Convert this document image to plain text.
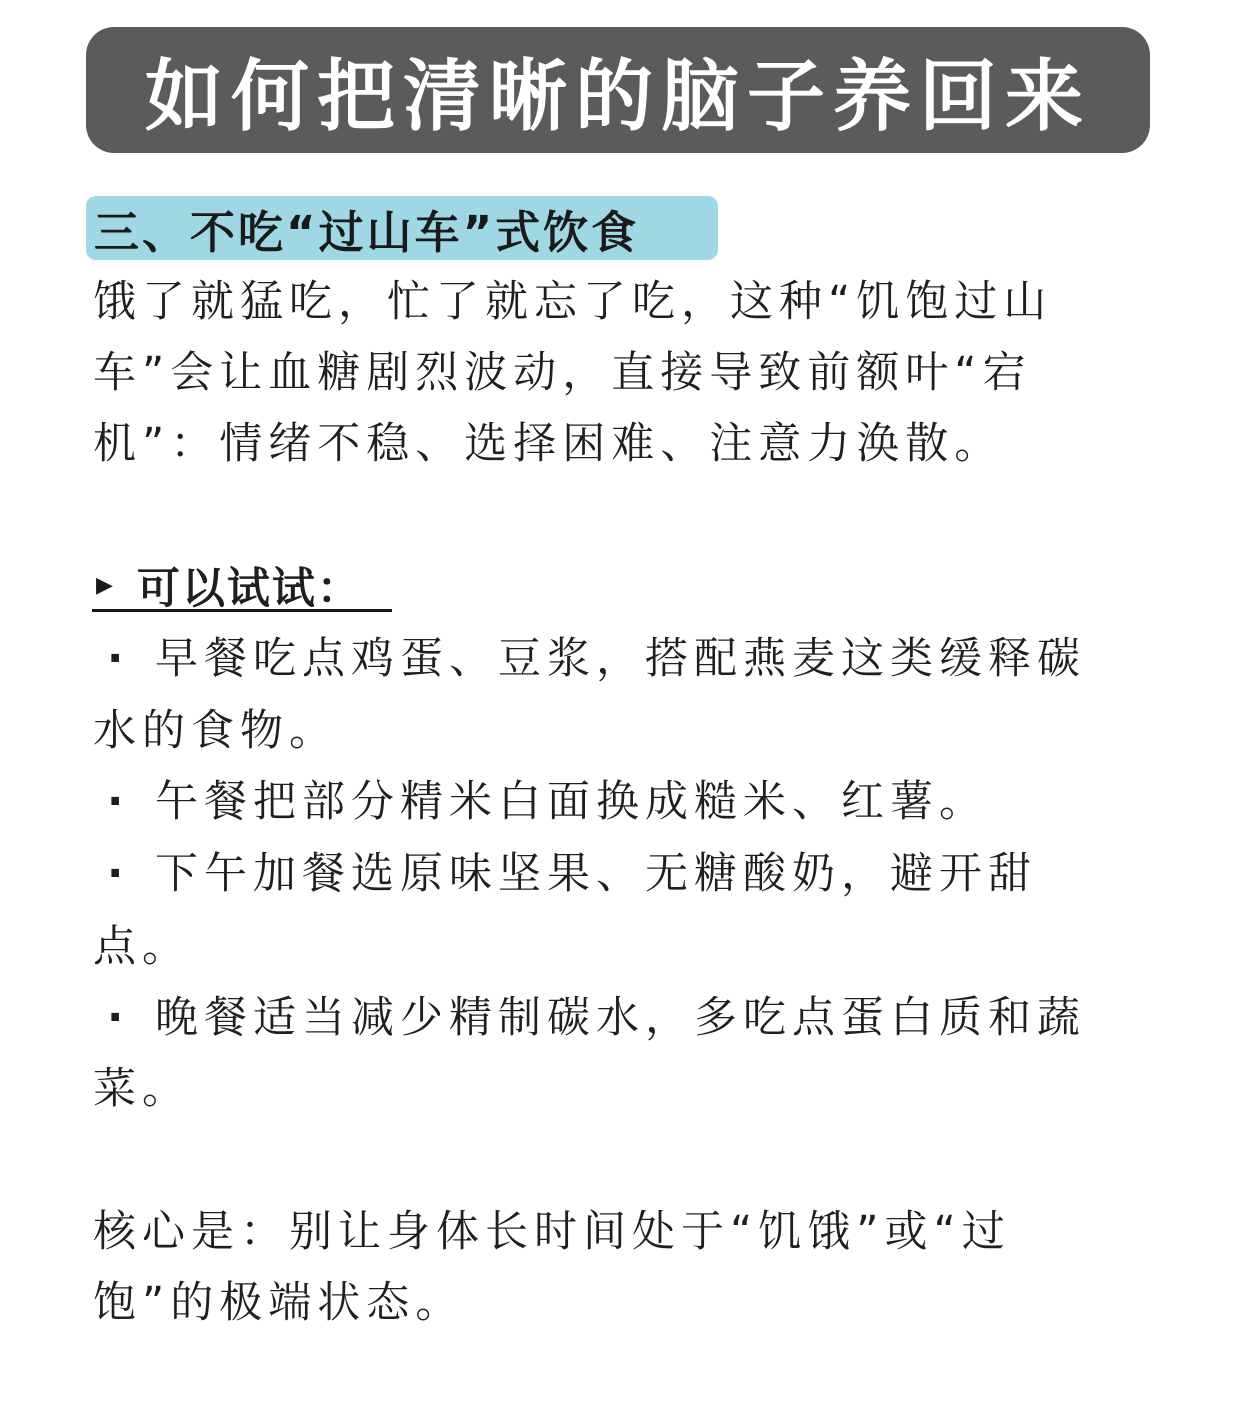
如何把清晰的脑子养回来
三、不吃“过山车”式饮食
饿了就猛吃，忙了就忘了吃，这种“饥饱过山
车”会让血糖剧烈波动，直接导致前额叶“宕
机”：情绪不稳、选择困难、注意力涣散。
▶ 可以试试：
· 早餐吃点鸡蛋、豆浆，搭配燕麦这类缓释碳
水的食物。
· 午餐把部分精米白面换成糙米、红薯。
· 下午加餐选原味坚果、无糖酸奶，避开甜
点。
· 晚餐适当减少精制碳水，多吃点蛋白质和蔬
菜。
核心是：别让身体长时间处于“饥饿”或“过
饱”的极端状态。
